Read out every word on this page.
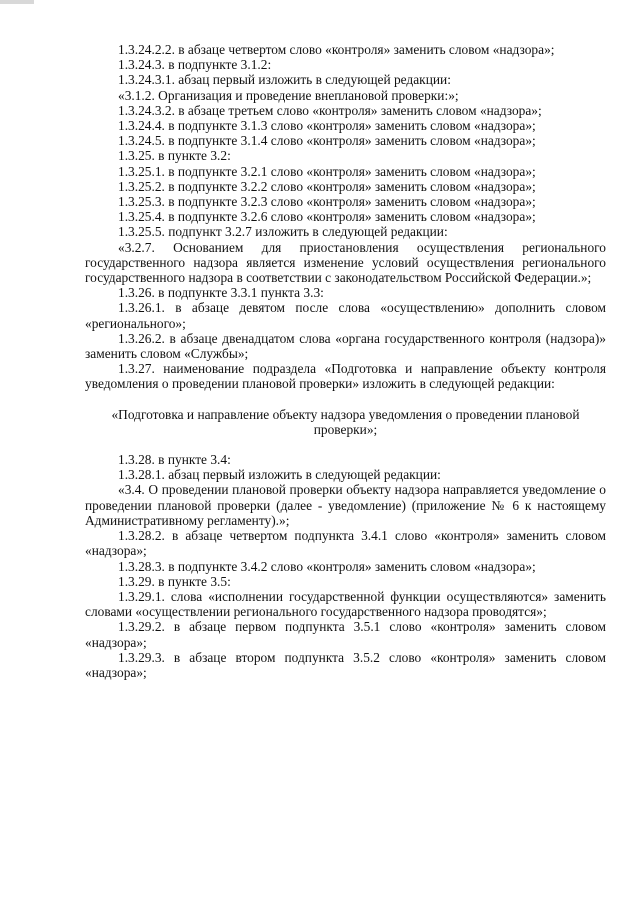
1.3.24.2.2. в абзаце четвертом слово «контроля» заменить словом «надзора»;

1.3.24.3. в подпункте 3.1.2:

1.3.24.3.1. абзац первый изложить в следующей редакции:

«3.1.2. Организация и проведение внеплановой проверки:»;

1.3.24.3.2. в абзаце третьем слово «контроля» заменить словом «надзора»;

1.3.24.4. в подпункте 3.1.3 слово «контроля» заменить словом «надзора»;

1.3.24.5. в подпункте 3.1.4 слово «контроля» заменить словом «надзора»;

1.3.25. в пункте 3.2:

1.3.25.1. в подпункте 3.2.1 слово «контроля» заменить словом «надзора»;

1.3.25.2. в подпункте 3.2.2 слово «контроля» заменить словом «надзора»;

1.3.25.3. в подпункте 3.2.3 слово «контроля» заменить словом «надзора»;

1.3.25.4. в подпункте 3.2.6 слово «контроля» заменить словом «надзора»;

1.3.25.5. подпункт 3.2.7 изложить в следующей редакции:

«3.2.7. Основанием для приостановления осуществления регионального государственного надзора является изменение условий осуществления регионального государственного надзора в соответствии с законодательством Российской Федерации.»;

1.3.26. в подпункте 3.3.1 пункта 3.3:

1.3.26.1. в абзаце девятом после слова «осуществлению» дополнить словом «регионального»;

1.3.26.2. в абзаце двенадцатом слова «органа государственного контроля (надзора)» заменить словом «Службы»;

1.3.27. наименование подраздела «Подготовка и направление объекту контроля уведомления о проведении плановой проверки» изложить в следующей редакции:

«Подготовка и направление объекту надзора уведомления о проведении плановой проверки»;

1.3.28. в пункте 3.4:

1.3.28.1. абзац первый изложить в следующей редакции:

«3.4. О проведении плановой проверки объекту надзора направляется уведомление о проведении плановой проверки (далее - уведомление) (приложение № 6 к настоящему Административному регламенту).»;

1.3.28.2. в абзаце четвертом подпункта 3.4.1 слово «контроля» заменить словом «надзора»;

1.3.28.3. в подпункте 3.4.2 слово «контроля» заменить словом «надзора»;

1.3.29. в пункте 3.5:

1.3.29.1. слова «исполнении государственной функции осуществляются» заменить словами «осуществлении регионального государственного надзора проводятся»;

1.3.29.2. в абзаце первом подпункта 3.5.1 слово «контроля» заменить словом «надзора»;

1.3.29.3. в абзаце втором подпункта 3.5.2 слово «контроля» заменить словом «надзора»;
